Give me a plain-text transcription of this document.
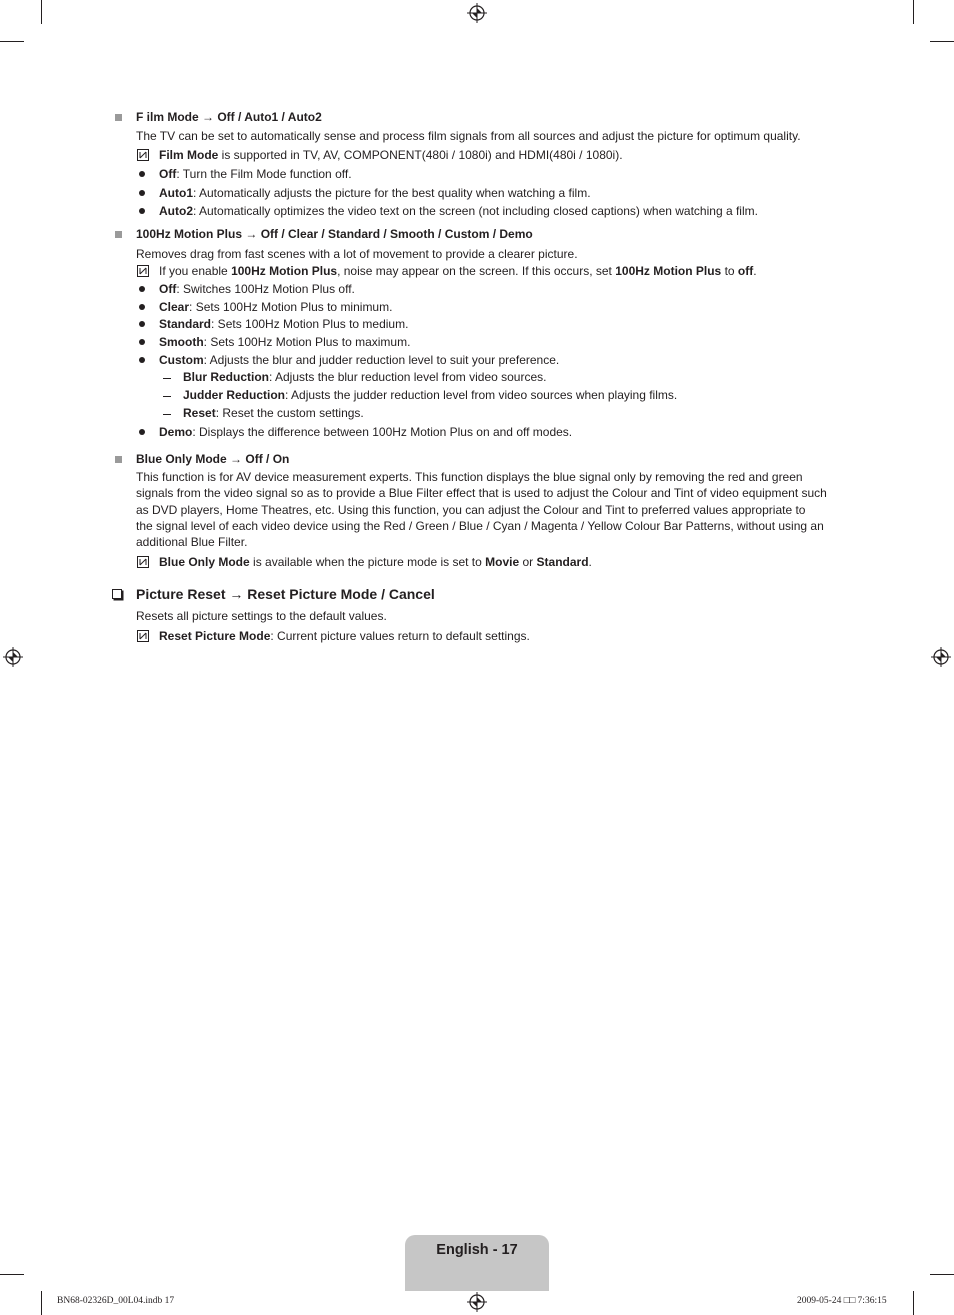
F ilm Mode → Off / Auto1 / Auto2
The TV can be set to automatically sense and process film signals from all sources and adjust the picture for optimum quality.
Film Mode is supported in TV, AV, COMPONENT(480i / 1080i) and HDMI(480i / 1080i).
Off: Turn the Film Mode function off.
Auto1: Automatically adjusts the picture for the best quality when watching a film.
Auto2: Automatically optimizes the video text on the screen (not including closed captions) when watching a film.
100Hz Motion Plus → Off / Clear / Standard / Smooth / Custom / Demo
Removes drag from fast scenes with a lot of movement to provide a clearer picture.
If you enable 100Hz Motion Plus, noise may appear on the screen. If this occurs, set 100Hz Motion Plus to off.
Off: Switches 100Hz Motion Plus off.
Clear: Sets 100Hz Motion Plus to minimum.
Standard: Sets 100Hz Motion Plus to medium.
Smooth: Sets 100Hz Motion Plus to maximum.
Custom: Adjusts the blur and judder reduction level to suit your preference.
Blur Reduction: Adjusts the blur reduction level from video sources.
Judder Reduction: Adjusts the judder reduction level from video sources when playing films.
Reset: Reset the custom settings.
Demo: Displays the difference between 100Hz Motion Plus on and off modes.
Blue Only Mode → Off / On
This function is for AV device measurement experts. This function displays the blue signal only by removing the red and green
signals from the video signal so as to provide a Blue Filter effect that is used to adjust the Colour and Tint of video equipment such
as DVD players, Home Theatres, etc. Using this function, you can adjust the Colour and Tint to preferred values appropriate to
the signal level of each video device using the Red / Green / Blue / Cyan / Magenta / Yellow Colour Bar Patterns, without using an
additional Blue Filter.
Blue Only Mode is available when the picture mode is set to Movie or Standard.
Picture Reset → Reset Picture Mode / Cancel
Resets all picture settings to the default values.
Reset Picture Mode: Current picture values return to default settings.
English - 17
BN68-02326D_00L04.indb 17	2009-05-24 □□ 7:36:15
